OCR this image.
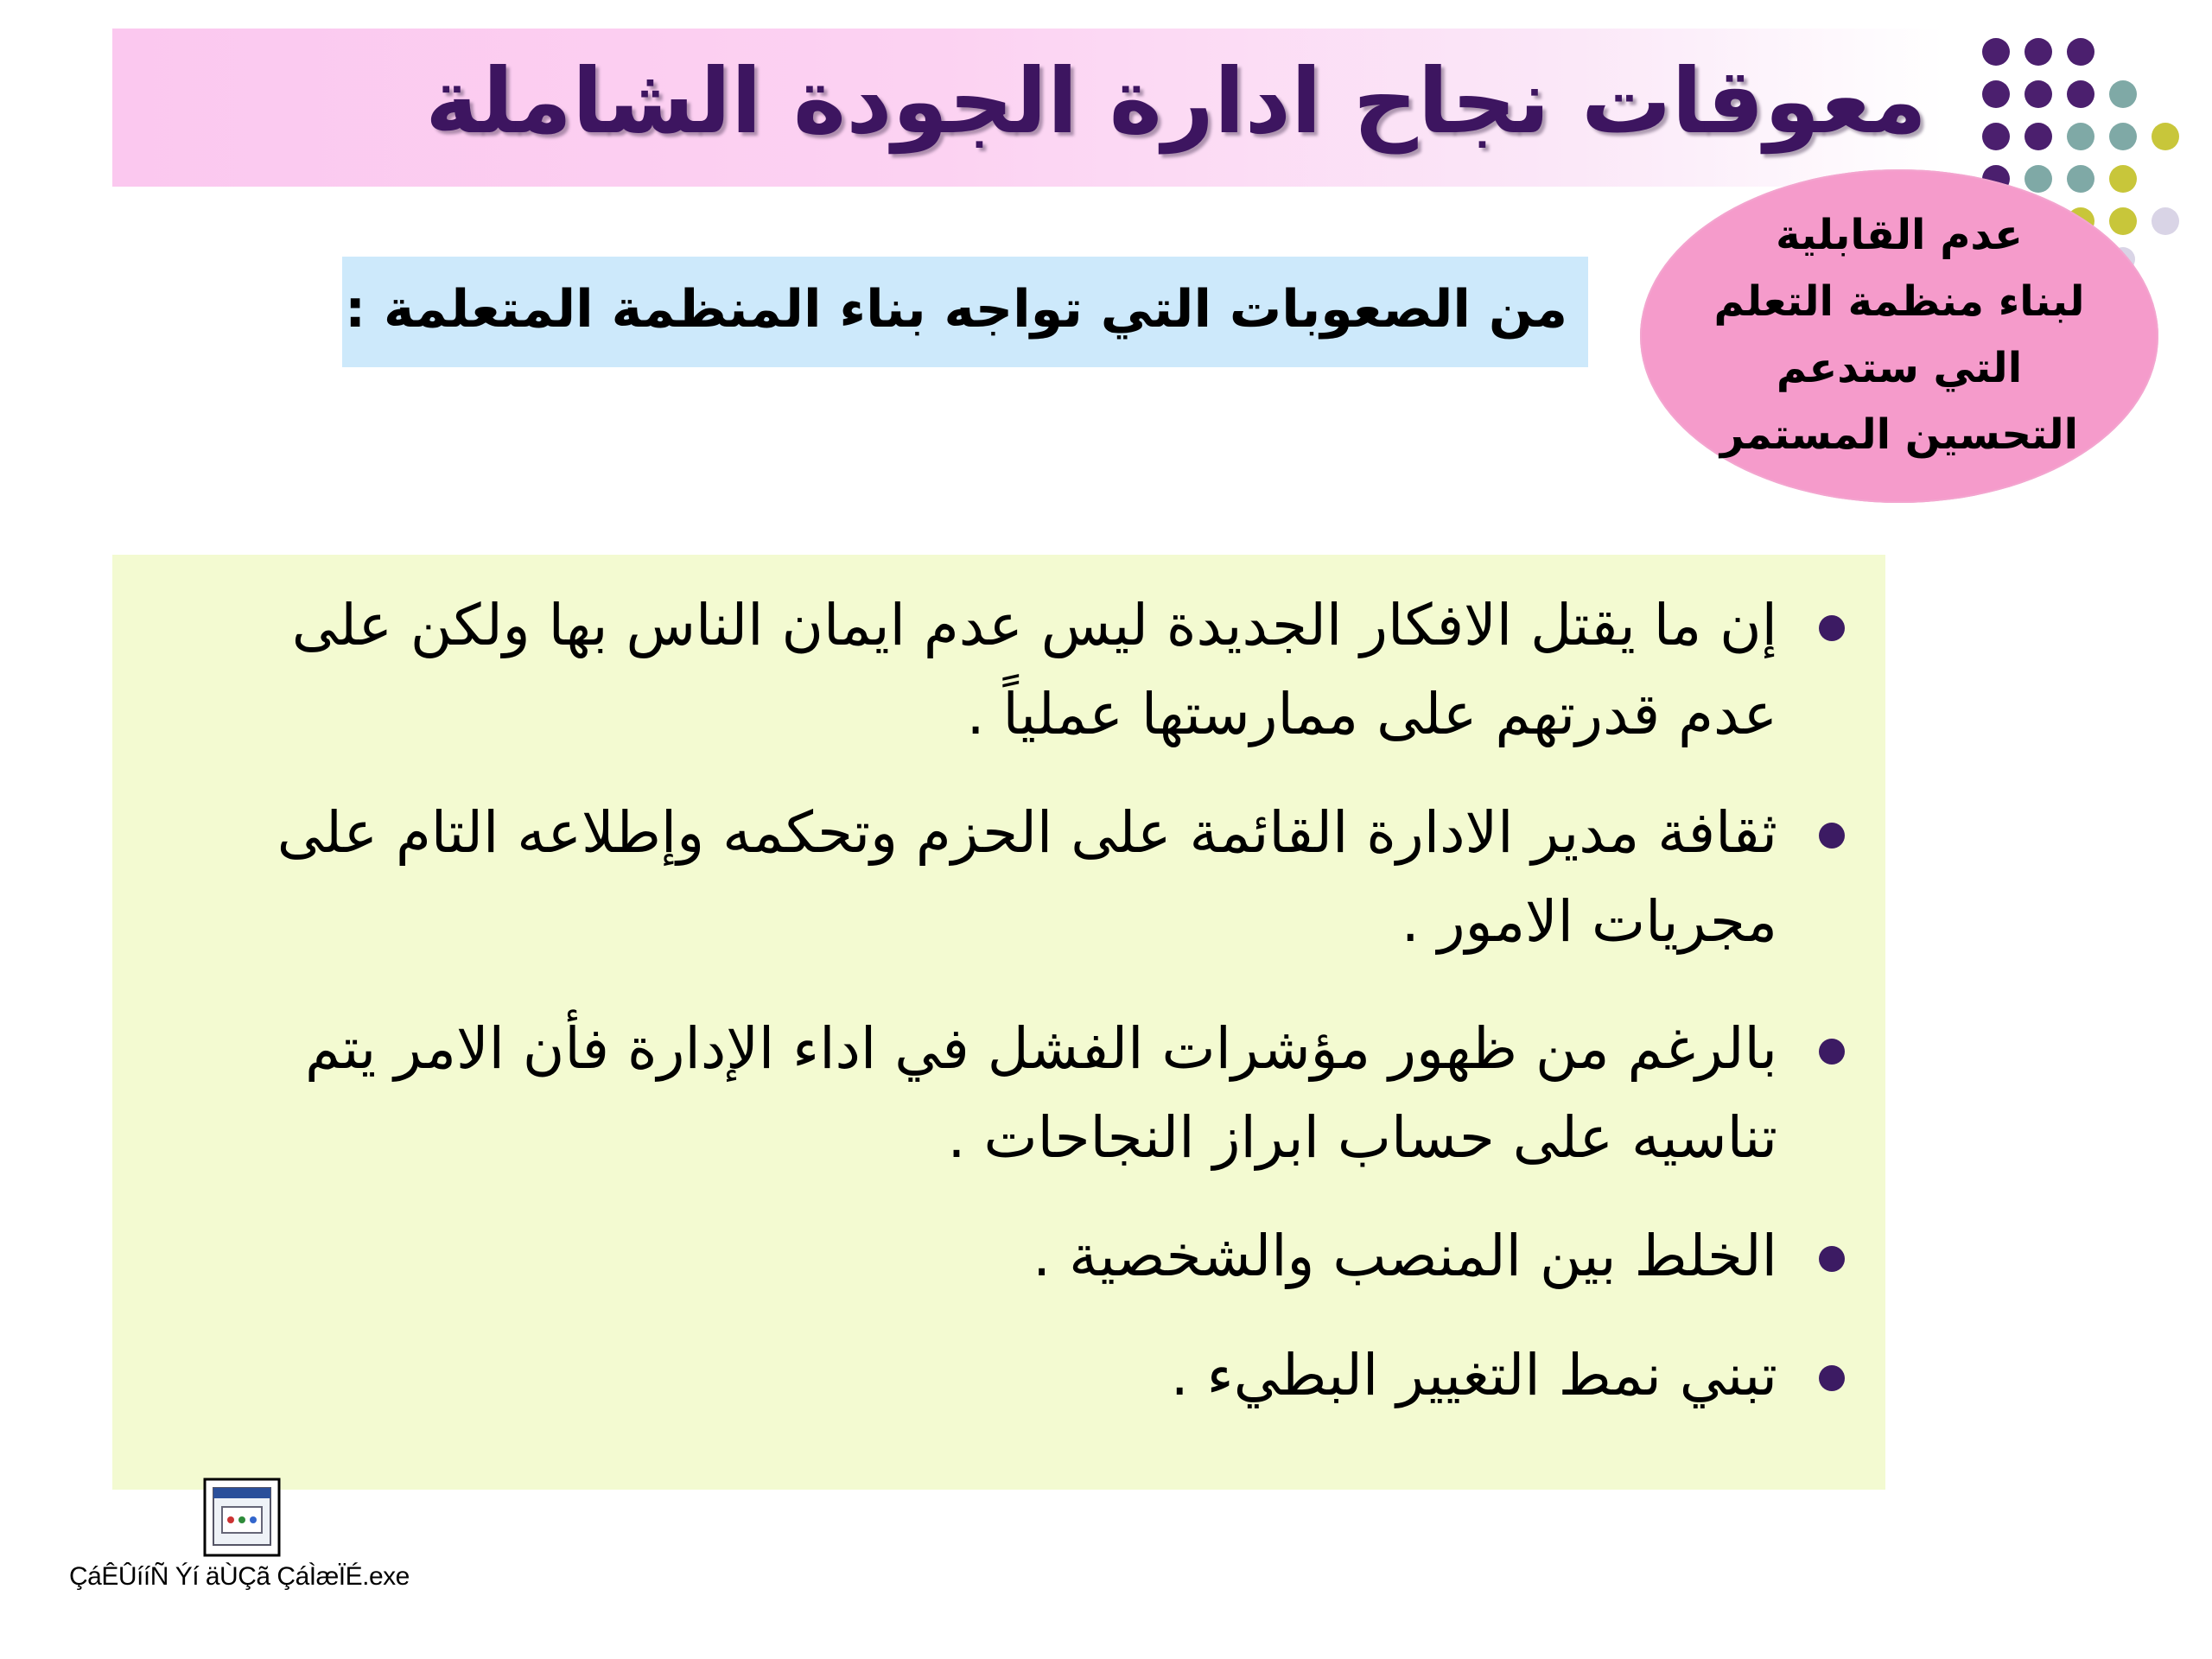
معوقات نجاح ادارة الجودة الشاملة
عدم القابلية
لبناء منظمة التعلم
التي ستدعم
التحسين المستمر
من الصعوبات التي تواجه بناء المنظمة المتعلمة :
إن ما يقتل الافكار الجديدة ليس عدم ايمان الناس بها ولكن على
عدم قدرتهم على ممارستها عملياً .
ثقافة مدير الادارة القائمة على الحزم وتحكمه وإطلاعه التام على
مجريات الامور .
بالرغم من ظهور مؤشرات الفشل في اداء الإدارة فأن الامر يتم
تناسيه على حساب ابراز النجاحات .
الخلط بين المنصب والشخصية .
تبني نمط التغيير البطيء .
ÇáÊÛííÑ Ýí äÙÇã ÇáÌæÏÉ.exe
